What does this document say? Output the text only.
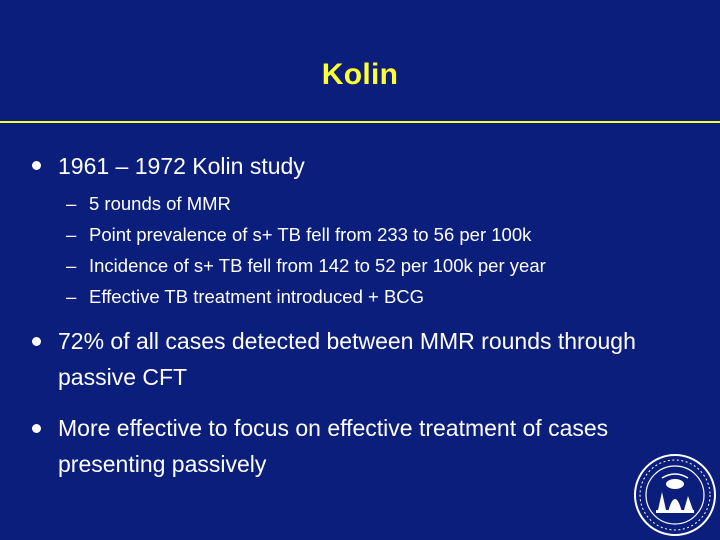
Kolin
1961 – 1972 Kolin study
– 5 rounds of MMR
– Point prevalence of s+ TB fell from 233 to 56 per 100k
– Incidence of s+ TB fell from 142 to 52 per 100k per year
– Effective TB treatment introduced + BCG
72% of all cases detected between MMR rounds through passive CFT
More effective to focus on effective treatment of cases presenting passively
